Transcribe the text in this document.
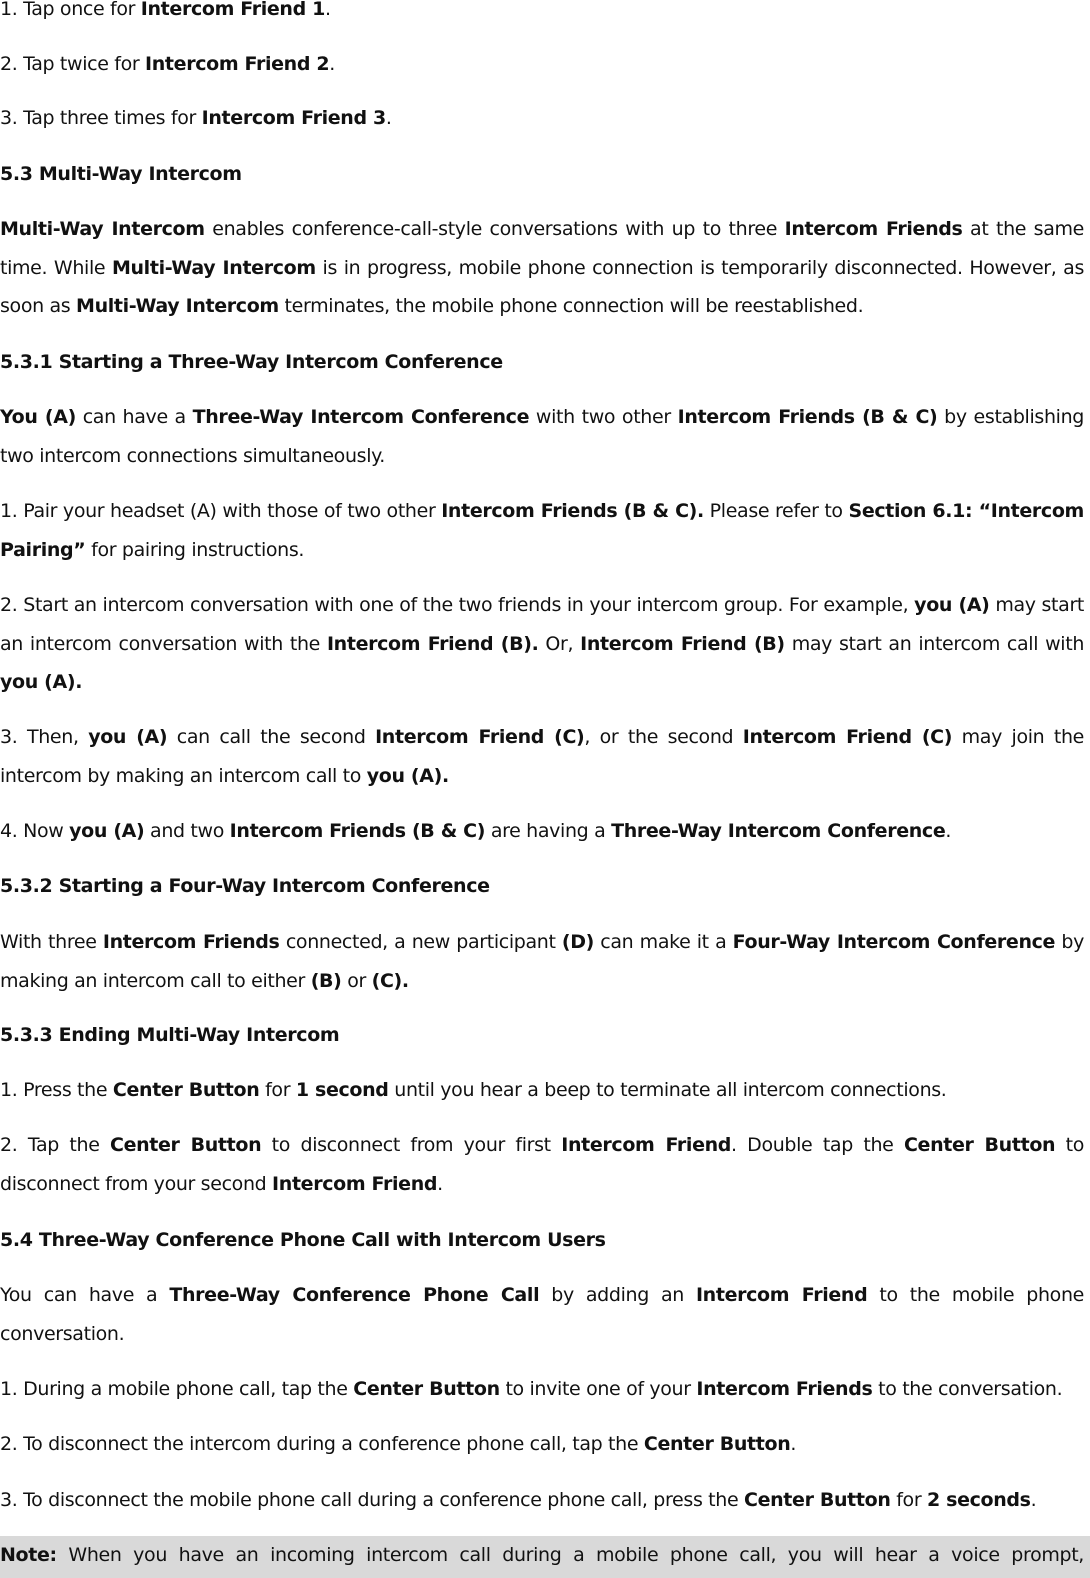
1. Tap once for Intercom Friend 1.

2. Tap twice for Intercom Friend 2.

3. Tap three times for Intercom Friend 3.

5.3 Multi-Way Intercom

Multi-Way Intercom enables conference-call-style conversations with up to three Intercom Friends at the same time. While Multi-Way Intercom is in progress, mobile phone connection is temporarily disconnected. However, as soon as Multi-Way Intercom terminates, the mobile phone connection will be reestablished.

5.3.1 Starting a Three-Way Intercom Conference

You (A) can have a Three-Way Intercom Conference with two other Intercom Friends (B & C) by establishing two intercom connections simultaneously.

1. Pair your headset (A) with those of two other Intercom Friends (B & C). Please refer to Section 6.1: “Intercom Pairing” for pairing instructions.

2. Start an intercom conversation with one of the two friends in your intercom group. For example, you (A) may start an intercom conversation with the Intercom Friend (B). Or, Intercom Friend (B) may start an intercom call with you (A).

3. Then, you (A) can call the second Intercom Friend (C), or the second Intercom Friend (C) may join the intercom by making an intercom call to you (A).

4. Now you (A) and two Intercom Friends (B & C) are having a Three-Way Intercom Conference.

5.3.2 Starting a Four-Way Intercom Conference

With three Intercom Friends connected, a new participant (D) can make it a Four-Way Intercom Conference by making an intercom call to either (B) or (C).

5.3.3 Ending Multi-Way Intercom

1. Press the Center Button for 1 second until you hear a beep to terminate all intercom connections.

2. Tap the Center Button to disconnect from your first Intercom Friend. Double tap the Center Button to disconnect from your second Intercom Friend.

5.4 Three-Way Conference Phone Call with Intercom Users

You can have a Three-Way Conference Phone Call by adding an Intercom Friend to the mobile phone conversation.

1. During a mobile phone call, tap the Center Button to invite one of your Intercom Friends to the conversation.

2. To disconnect the intercom during a conference phone call, tap the Center Button.

3. To disconnect the mobile phone call during a conference phone call, press the Center Button for 2 seconds.

Note: When you have an incoming intercom call during a mobile phone call, you will hear a voice prompt,
